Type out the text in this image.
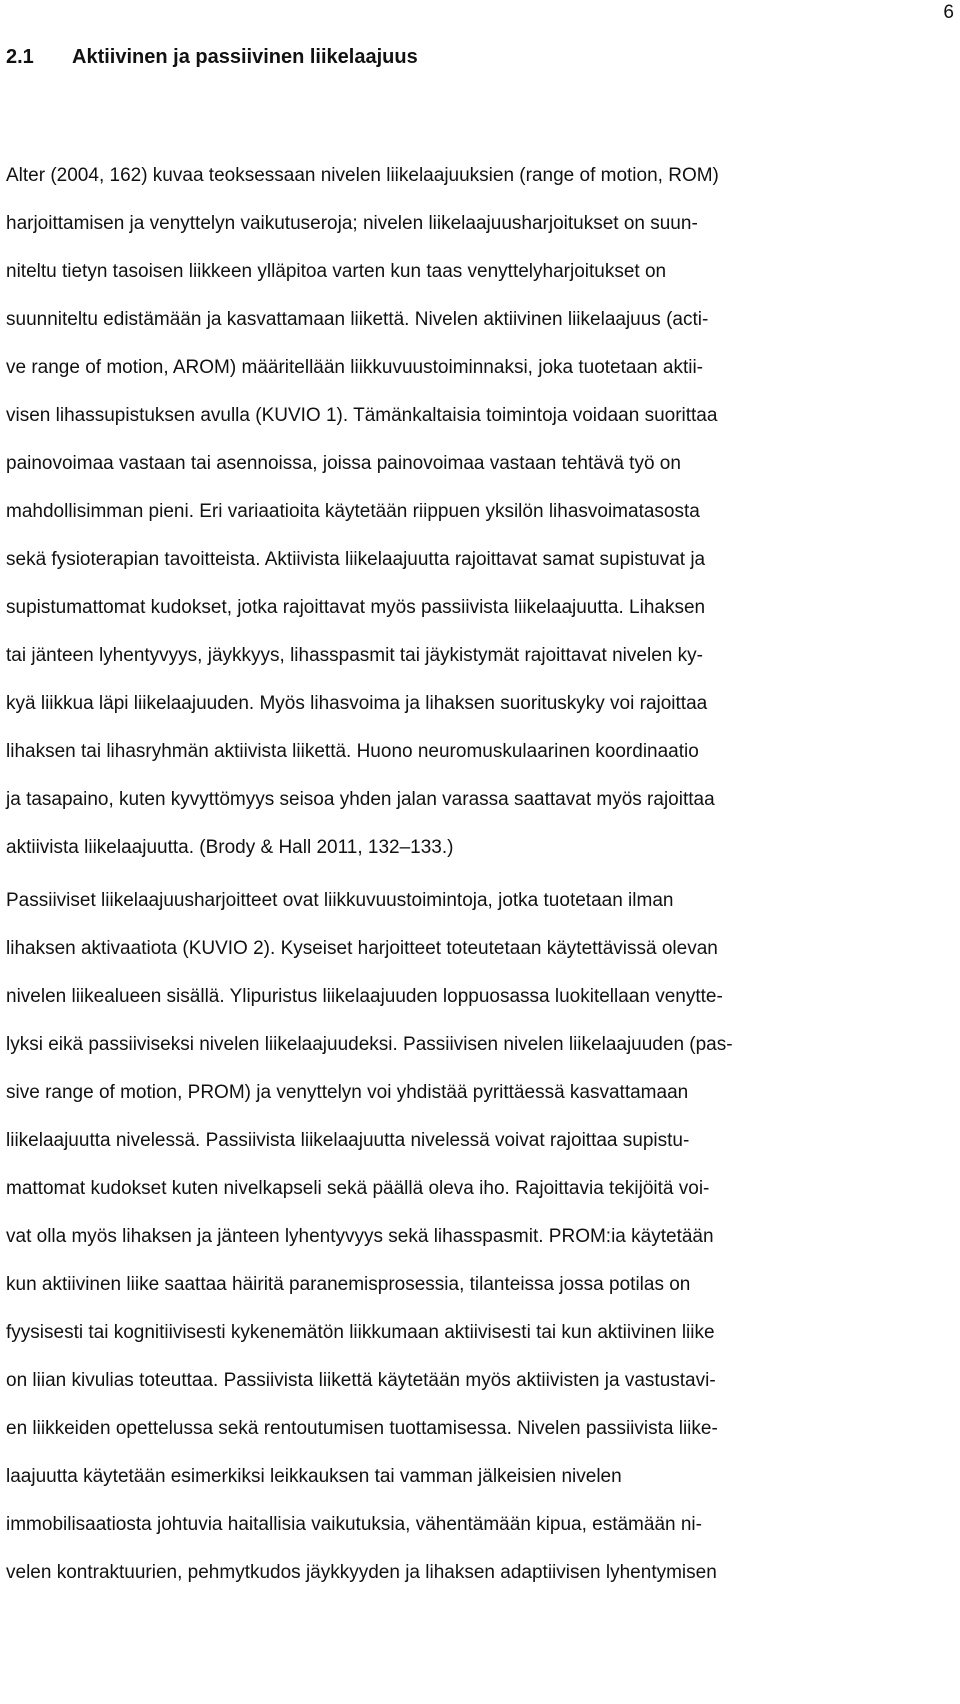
6
2.1 Aktiivinen ja passiivinen liikelaajuus
Alter (2004, 162) kuvaa teoksessaan nivelen liikelaajuuksien (range of motion, ROM)
harjoittamisen ja venyttelyn vaikutuseroja; nivelen liikelaajuusharjoitukset on suun-
niteltu tietyn tasoisen liikkeen ylläpitoa varten kun taas venyttelyharjoitukset on
suunniteltu edistämään ja kasvattamaan liikettä. Nivelen aktiivinen liikelaajuus (acti-
ve range of motion, AROM) määritellään liikkuvuustoiminnaksi, joka tuotetaan aktii-
visen lihassupistuksen avulla (KUVIO 1). Tämänkaltaisia toimintoja voidaan suorittaa
painovoimaa vastaan tai asennoissa, joissa painovoimaa vastaan tehtävä työ on
mahdollisimman pieni. Eri variaatioita käytetään riippuen yksilön lihasvoimatasosta
sekä fysioterapian tavoitteista. Aktiivista liikelaajuutta rajoittavat samat supistuvat ja
supistumattomat kudokset, jotka rajoittavat myös passiivista liikelaajuutta. Lihaksen
tai jänteen lyhentyvyys, jäykkyys, lihasspasmit tai jäykistymät rajoittavat nivelen ky-
kyä liikkua läpi liikelaajuuden. Myös lihasvoima ja lihaksen suorituskyky voi rajoittaa
lihaksen tai lihasryhmän aktiivista liikettä. Huono neuromuskulaarinen koordinaatio
ja tasapaino, kuten kyvyttömyys seisoa yhden jalan varassa saattavat myös rajoittaa
aktiivista liikelaajuutta. (Brody & Hall 2011, 132–133.)
Passiiviset liikelaajuusharjoitteet ovat liikkuvuustoimintoja, jotka tuotetaan ilman
lihaksen aktivaatiota (KUVIO 2). Kyseiset harjoitteet toteutetaan käytettävissä olevan
nivelen liikealueen sisällä. Ylipuristus liikelaajuuden loppuosassa luokitellaan venytte-
lyksi eikä passiiviseksi nivelen liikelaajuudeksi. Passiivisen nivelen liikelaajuuden (pas-
sive range of motion, PROM) ja venyttelyn voi yhdistää pyrittäessä kasvattamaan
liikelaajuutta nivelessä. Passiivista liikelaajuutta nivelessä voivat rajoittaa supistu-
mattomat kudokset kuten nivelkapseli sekä päällä oleva iho. Rajoittavia tekijöitä voi-
vat olla myös lihaksen ja jänteen lyhentyvyys sekä lihasspasmit. PROM:ia käytetään
kun aktiivinen liike saattaa häiritä paranemisprosessia, tilanteissa jossa potilas on
fyysisesti tai kognitiivisesti kykenemätön liikkumaan aktiivisesti tai kun aktiivinen liike
on liian kivulias toteuttaa. Passiivista liikettä käytetään myös aktiivisten ja vastustavi-
en liikkeiden opettelussa sekä rentoutumisen tuottamisessa. Nivelen passiivista liike-
laajuutta käytetään esimerkiksi leikkauksen tai vamman jälkeisien nivelen
immobilisaatiosta johtuvia haitallisia vaikutuksia, vähentämään kipua, estämään ni-
velen kontraktuurien, pehmytkudos jäykkyyden ja lihaksen adaptiivisen lyhentymisen
